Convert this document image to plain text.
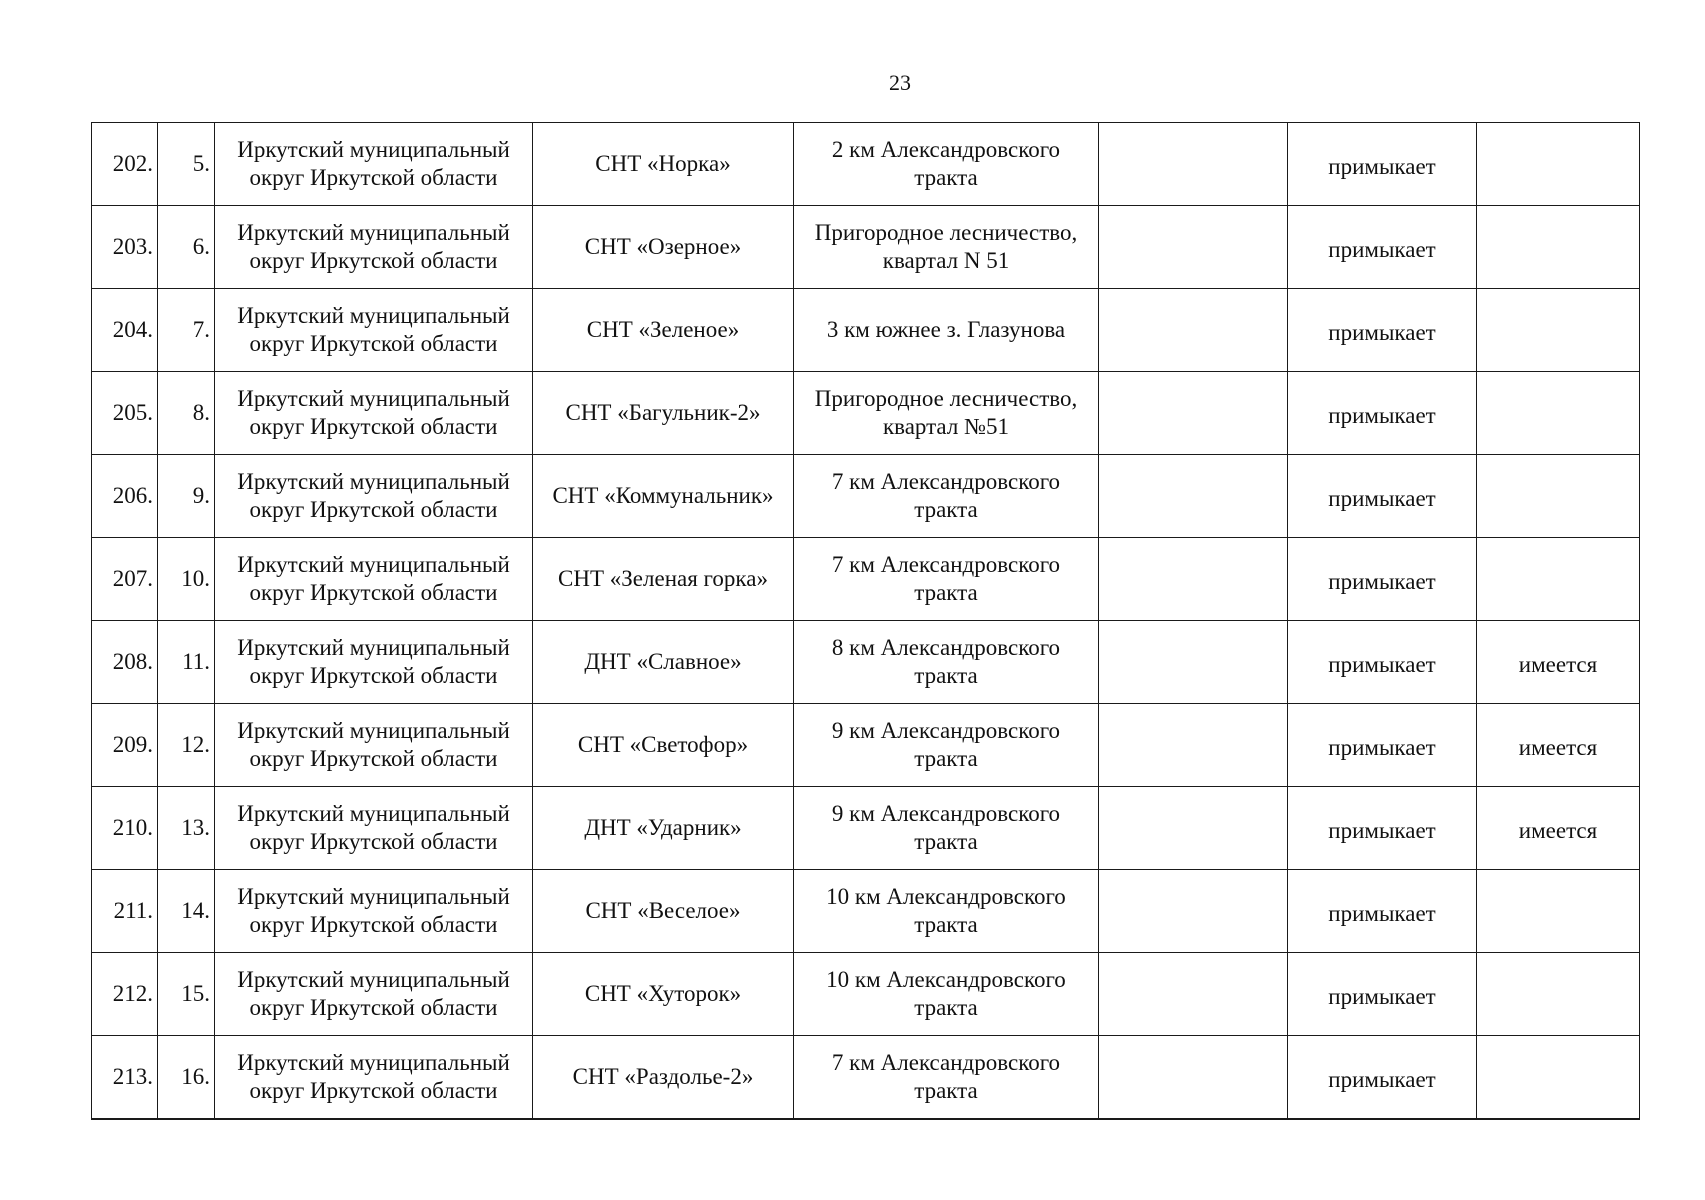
23
202.	5.	Иркутский муниципальный округ Иркутской области	СНТ «Норка»	2 км Александровского тракта		примыкает	
203.	6.	Иркутский муниципальный округ Иркутской области	СНТ «Озерное»	Пригородное лесничество, квартал N 51		примыкает	
204.	7.	Иркутский муниципальный округ Иркутской области	СНТ «Зеленое»	3 км южнее з. Глазунова		примыкает	
205.	8.	Иркутский муниципальный округ Иркутской области	СНТ «Багульник-2»	Пригородное лесничество, квартал №51		примыкает	
206.	9.	Иркутский муниципальный округ Иркутской области	СНТ «Коммунальник»	7 км Александровского тракта		примыкает	
207.	10.	Иркутский муниципальный округ Иркутской области	СНТ «Зеленая горка»	7 км Александровского тракта		примыкает	
208.	11.	Иркутский муниципальный округ Иркутской области	ДНТ «Славное»	8 км Александровского тракта		примыкает	имеется
209.	12.	Иркутский муниципальный округ Иркутской области	СНТ «Светофор»	9 км Александровского тракта		примыкает	имеется
210.	13.	Иркутский муниципальный округ Иркутской области	ДНТ «Ударник»	9 км Александровского тракта		примыкает	имеется
211.	14.	Иркутский муниципальный округ Иркутской области	СНТ «Веселое»	10 км Александровского тракта		примыкает	
212.	15.	Иркутский муниципальный округ Иркутской области	СНТ «Хуторок»	10 км Александровского тракта		примыкает	
213.	16.	Иркутский муниципальный округ Иркутской области	СНТ «Раздолье-2»	7 км Александровского тракта		примыкает	
